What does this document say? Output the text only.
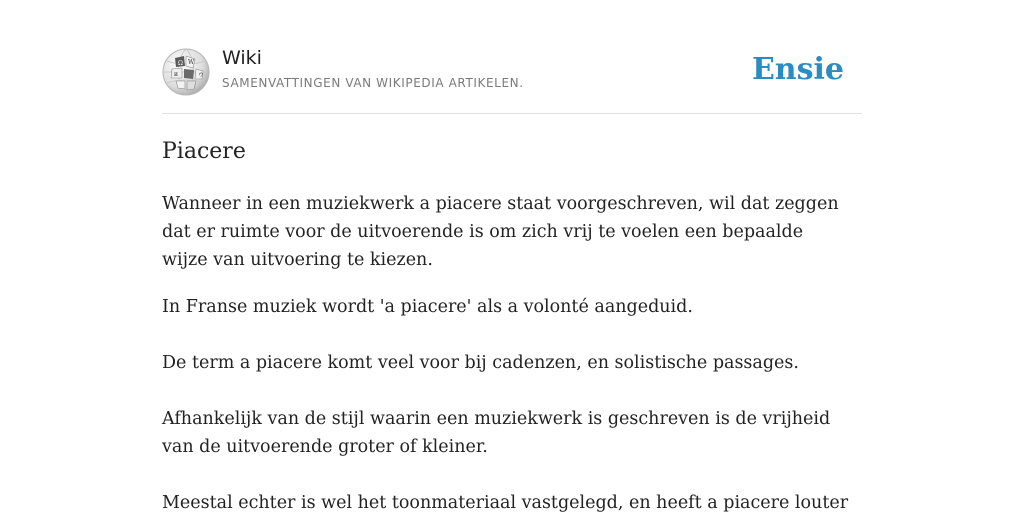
Ω W
и	ウ
Wiki
SAMENVATTINGEN VAN WIKIPEDIA ARTIKELEN.	Ensie
Piacere

Wanneer in een muziekwerk a piacere staat voorgeschreven, wil dat zeggen dat er ruimte voor de uitvoerende is om zich vrij te voelen een bepaalde wijze van uitvoering te kiezen.

In Franse muziek wordt 'a piacere' als a volonté aangeduid.

De term a piacere komt veel voor bij cadenzen, en solistische passages.

Afhankelijk van de stijl waarin een muziekwerk is geschreven is de vrijheid van de uitvoerende groter of kleiner.

Meestal echter is wel het toonmateriaal vastgelegd, en heeft a piacere louter
